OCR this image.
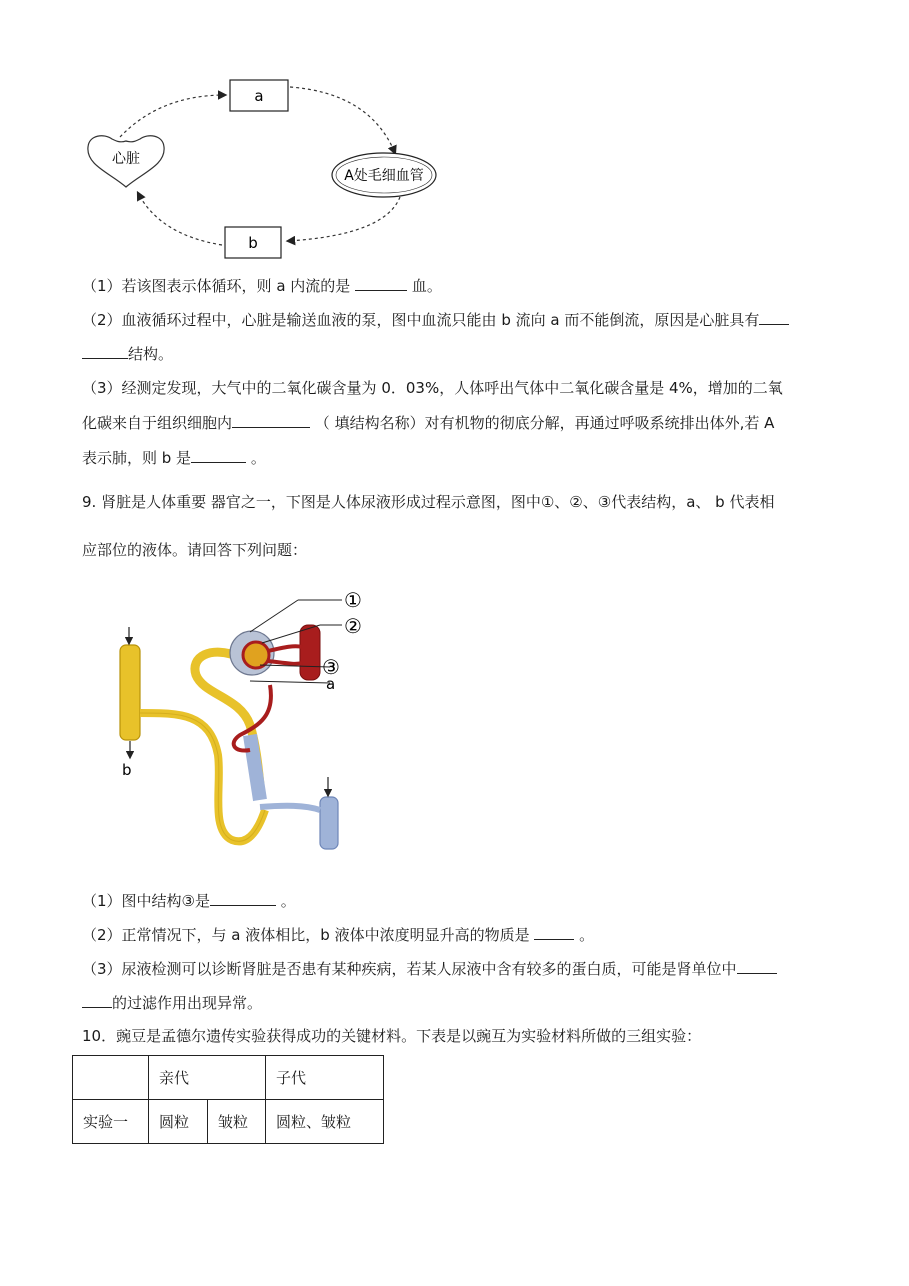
a
心脏
A处毛细血管
b
（1）若该图表示体循环，则 a 内流的是	血。
（2）血液循环过程中，心脏是输送血液的泵，图中血流只能由 b 流向 a 而不能倒流，原因是心脏具有
结构。
（3）经测定发现，大气中的二氧化碳含量为 0．03%，人体呼出气体中二氧化碳含量是 4%，增加的二氧
化碳来自于组织细胞内	（ 填结构名称）对有机物的彻底分解，再通过呼吸系统排出体外,若 A
表示肺，则 b 是	。
9. 肾脏是人体重要 器官之一，下图是人体尿液形成过程示意图，图中①、②、③代表结构，a、 b 代表相
应部位的液体。请回答下列问题：
b
①
②
③
a
（1）图中结构③是	。
（2）正常情况下，与 a 液体相比，b 液体中浓度明显升高的物质是	。
（3）尿液检测可以诊断肾脏是否患有某种疾病，若某人尿液中含有较多的蛋白质，可能是肾单位中
的过滤作用出现异常。
10．豌豆是孟德尔遗传实验获得成功的关键材料。下表是以豌互为实验材料所做的三组实验：
	亲代		子代
实验一	圆粒	皱粒	圆粒、皱粒
